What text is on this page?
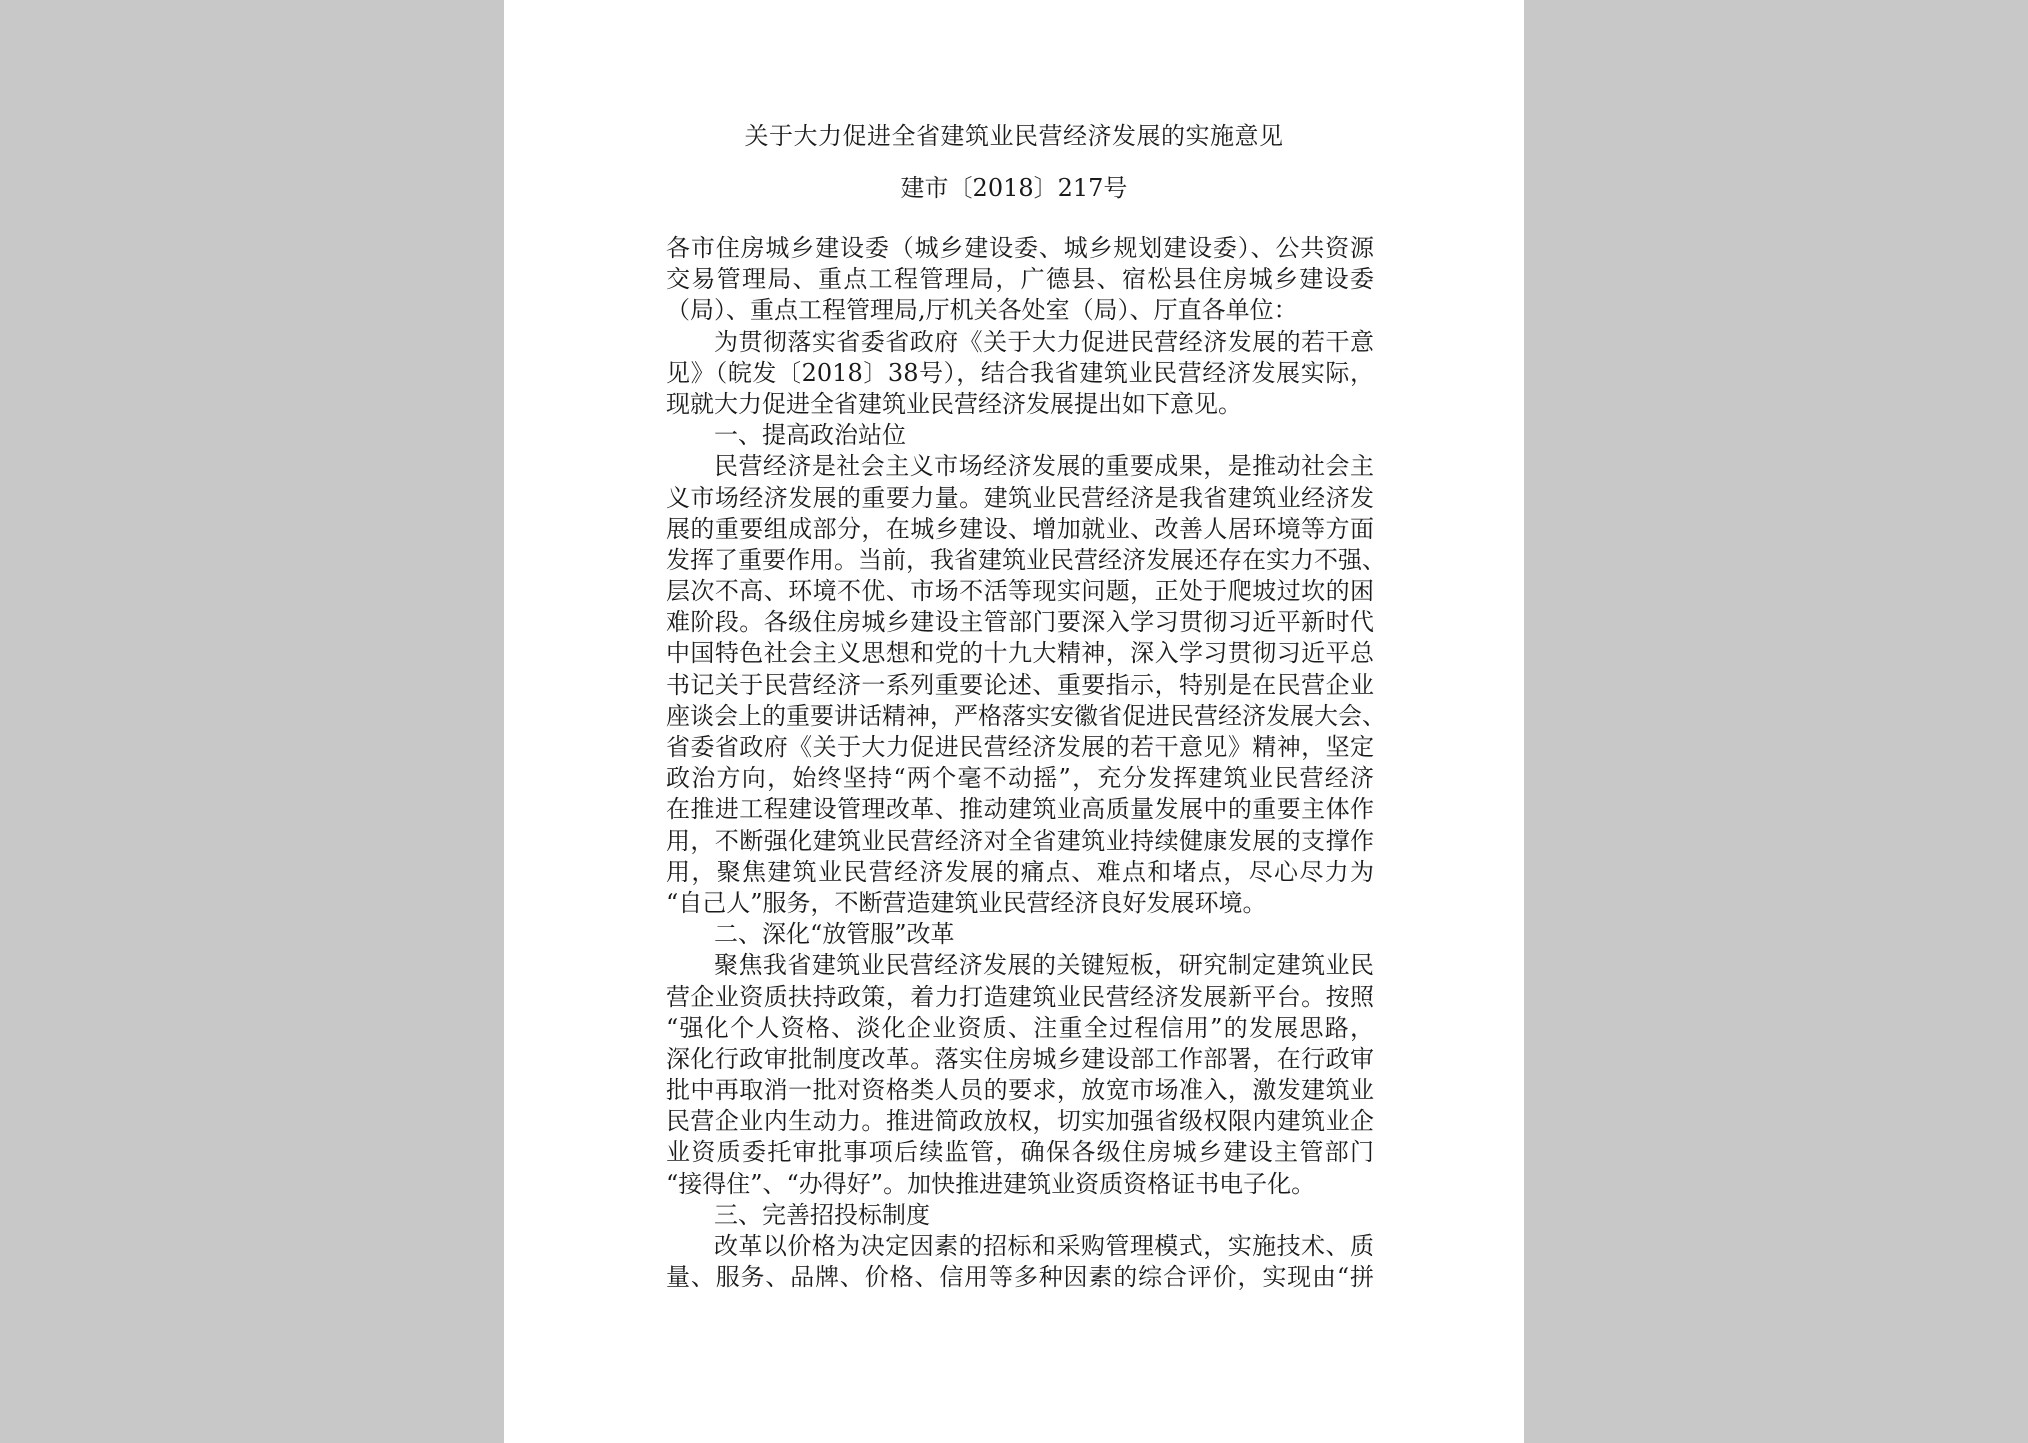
关于大力促进全省建筑业民营经济发展的实施意见
建市〔2018〕217号
各市住房城乡建设委（城乡建设委、城乡规划建设委）、公共资源
交易管理局、重点工程管理局，广德县、宿松县住房城乡建设委
（局）、重点工程管理局,厅机关各处室（局）、厅直各单位：
为贯彻落实省委省政府《关于大力促进民营经济发展的若干意
见》（皖发〔2018〕38号），结合我省建筑业民营经济发展实际，
现就大力促进全省建筑业民营经济发展提出如下意见。
一、提高政治站位
民营经济是社会主义市场经济发展的重要成果，是推动社会主
义市场经济发展的重要力量。建筑业民营经济是我省建筑业经济发
展的重要组成部分，在城乡建设、增加就业、改善人居环境等方面
发挥了重要作用。当前，我省建筑业民营经济发展还存在实力不强、
层次不高、环境不优、市场不活等现实问题，正处于爬坡过坎的困
难阶段。各级住房城乡建设主管部门要深入学习贯彻习近平新时代
中国特色社会主义思想和党的十九大精神，深入学习贯彻习近平总
书记关于民营经济一系列重要论述、重要指示，特别是在民营企业
座谈会上的重要讲话精神，严格落实安徽省促进民营经济发展大会、
省委省政府《关于大力促进民营经济发展的若干意见》精神，坚定
政治方向，始终坚持“两个毫不动摇”，充分发挥建筑业民营经济
在推进工程建设管理改革、推动建筑业高质量发展中的重要主体作
用，不断强化建筑业民营经济对全省建筑业持续健康发展的支撑作
用，聚焦建筑业民营经济发展的痛点、难点和堵点，尽心尽力为
“自己人”服务，不断营造建筑业民营经济良好发展环境。
二、深化“放管服”改革
聚焦我省建筑业民营经济发展的关键短板，研究制定建筑业民
营企业资质扶持政策，着力打造建筑业民营经济发展新平台。按照
“强化个人资格、淡化企业资质、注重全过程信用”的发展思路，
深化行政审批制度改革。落实住房城乡建设部工作部署，在行政审
批中再取消一批对资格类人员的要求，放宽市场准入，激发建筑业
民营企业内生动力。推进简政放权，切实加强省级权限内建筑业企
业资质委托审批事项后续监管，确保各级住房城乡建设主管部门
“接得住”、“办得好”。加快推进建筑业资质资格证书电子化。
三、完善招投标制度
改革以价格为决定因素的招标和采购管理模式，实施技术、质
量、服务、品牌、价格、信用等多种因素的综合评价，实现由“拼
